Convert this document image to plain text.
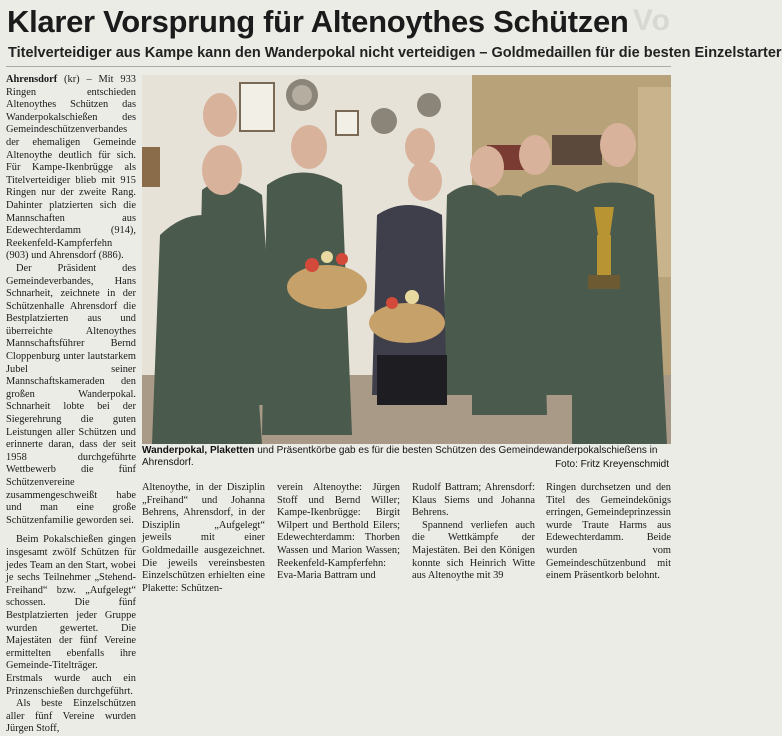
Vo
Klarer Vorsprung für Altenoythes Schützen
Titelverteidiger aus Kampe kann den Wanderpokal nicht verteidigen – Goldmedaillen für die besten Einzelstarter

Ahrensdorf (kr) – Mit 933 Ringen entschieden Altenoythes Schützen das Wanderpokalschießen des Gemeindeschützenverbandes der ehemaligen Gemeinde Altenoythe deutlich für sich. Für Kampe-Ikenbrügge als Titelverteidiger blieb mit 915 Ringen nur der zweite Rang. Dahinter platzierten sich die Mannschaften aus Edewechterdamm (914), Reekenfeld-Kampferfehn (903) und Ahrensdorf (886).

Der Präsident des Gemeindeverbandes, Hans Schnarheit, zeichnete in der Schützenhalle Ahrensdorf die Bestplatzierten aus und überreichte Altenoythes Mannschaftsführer Bernd Cloppenburg unter lautstarkem Jubel seiner Mannschaftskameraden den großen Wanderpokal. Schnarheit lobte bei der Siegerehrung die guten Leistungen aller Schützen und erinnerte daran, dass der seit 1958 durchgeführte Wettbewerb die fünf Schützenvereine zusammengeschweißt habe und man eine große Schützenfamilie geworden sei.

Beim Pokalschießen gingen insgesamt zwölf Schützen für jedes Team an den Start, wobei je sechs Teilnehmer „Stehend-Freihand“ bzw. „Aufgelegt“ schossen. Die fünf Bestplatzierten jeder Gruppe wurden gewertet. Die Majestäten der fünf Vereine ermittelten ebenfalls ihre Gemeinde-Titelträger. Erstmals wurde auch ein Prinzenschießen durchgeführt.

Als beste Einzelschützen aller fünf Vereine wurden Jürgen Stoff,

Wanderpokal, Plaketten und Präsentkörbe gab es für die besten Schützen des Gemeindewanderpokalschießens in Ahrensdorf.	Foto: Fritz Kreyenschmidt

Altenoythe, in der Disziplin „Freihand“ und Johanna Behrens, Ahrensdorf, in der Disziplin „Aufgelegt“ jeweils mit einer Goldmedaille ausgezeichnet. Die jeweils vereinsbesten Einzelschützen erhielten eine Plakette: Schützen-

verein Altenoythe: Jürgen Stoff und Bernd Willer; Kampe-Ikenbrügge: Birgit Wilpert und Berthold Eilers; Edewechterdamm: Thorben Wassen und Marion Wassen; Reekenfeld-Kampferfehn: Eva-Maria Battram und

Rudolf Battram; Ahrensdorf: Klaus Siems und Johanna Behrens.

Spannend verliefen auch die Wettkämpfe der Majestäten. Bei den Königen konnte sich Heinrich Witte aus Altenoythe mit 39

Ringen durchsetzen und den Titel des Gemeindekönigs erringen, Gemeindeprinzessin wurde Traute Harms aus Edewechterdamm. Beide wurden vom Gemeindeschützenbund mit einem Präsentkorb belohnt.
